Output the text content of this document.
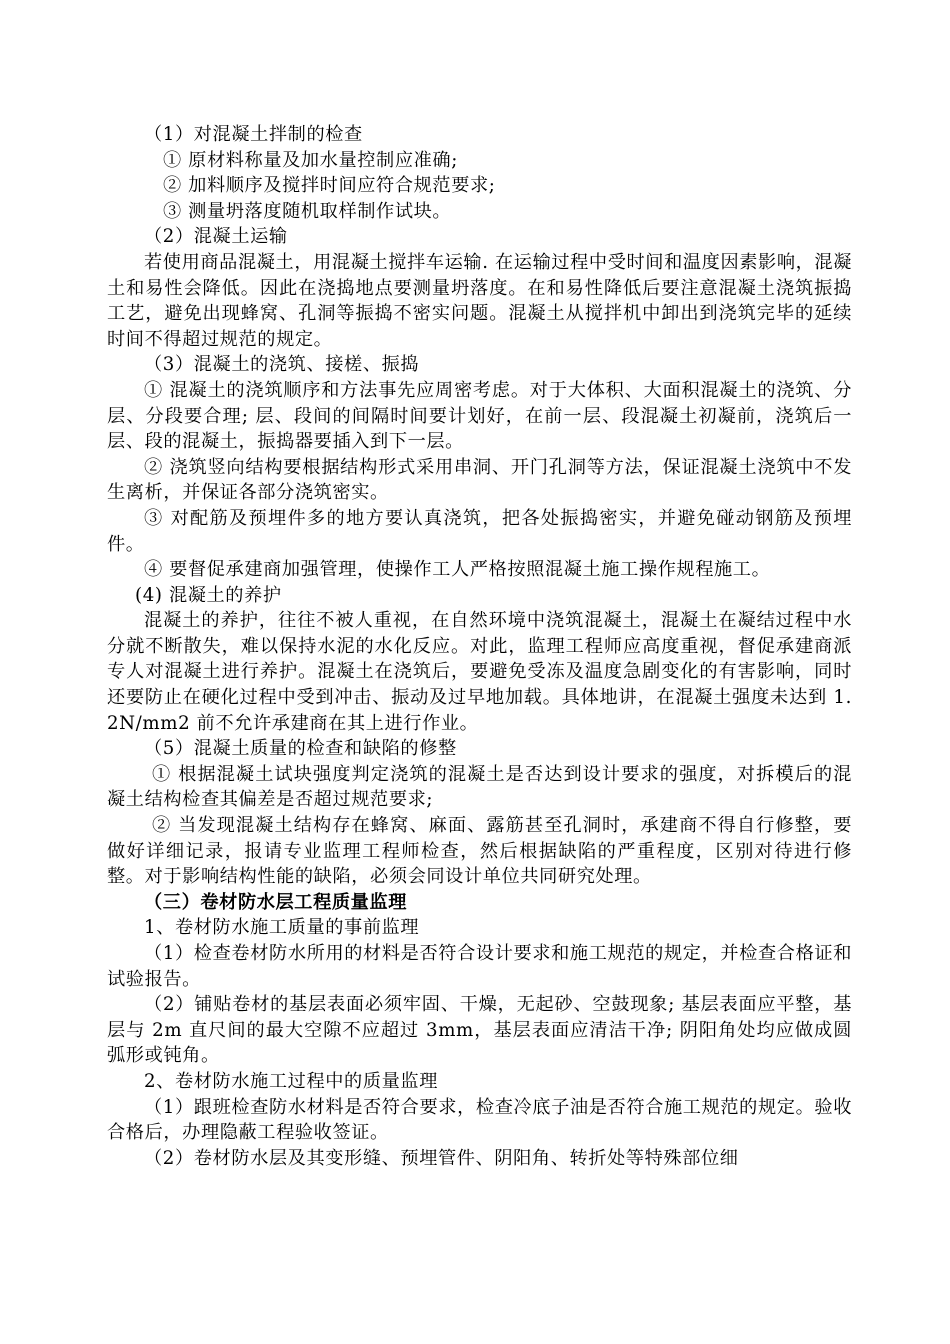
（1）对混凝土拌制的检查

① 原材料称量及加水量控制应准确;

② 加料顺序及搅拌时间应符合规范要求;

③ 测量坍落度随机取样制作试块。

（2）混凝土运输

若使用商品混凝土，用混凝土搅拌车运输. 在运输过程中受时间和温度因素影响，混凝土和易性会降低。因此在浇捣地点要测量坍落度。在和易性降低后要注意混凝土浇筑振捣工艺，避免出现蜂窝、孔洞等振捣不密实问题。混凝土从搅拌机中卸出到浇筑完毕的延续时间不得超过规范的规定。

（3）混凝土的浇筑、接槎、振捣

① 混凝土的浇筑顺序和方法事先应周密考虑。对于大体积、大面积混凝土的浇筑、分层、分段要合理; 层、段间的间隔时间要计划好，在前一层、段混凝土初凝前，浇筑后一层、段的混凝土，振捣器要插入到下一层。

② 浇筑竖向结构要根据结构形式采用串洞、开门孔洞等方法，保证混凝土浇筑中不发生离析，并保证各部分浇筑密实。

③ 对配筋及预埋件多的地方要认真浇筑，把各处振捣密实，并避免碰动钢筋及预埋件。

④ 要督促承建商加强管理，使操作工人严格按照混凝土施工操作规程施工。

(4) 混凝土的养护

混凝土的养护，往往不被人重视，在自然环境中浇筑混凝土，混凝土在凝结过程中水分就不断散失，难以保持水泥的水化反应。对此，监理工程师应高度重视，督促承建商派专人对混凝土进行养护。混凝土在浇筑后，要避免受冻及温度急剧变化的有害影响，同时还要防止在硬化过程中受到冲击、振动及过早地加载。具体地讲，在混凝土强度未达到 1.2N/mm2 前不允许承建商在其上进行作业。

（5）混凝土质量的检查和缺陷的修整

① 根据混凝土试块强度判定浇筑的混凝土是否达到设计要求的强度，对拆模后的混凝土结构检查其偏差是否超过规范要求;

② 当发现混凝土结构存在蜂窝、麻面、露筋甚至孔洞时，承建商不得自行修整，要做好详细记录，报请专业监理工程师检查，然后根据缺陷的严重程度，区别对待进行修整。对于影响结构性能的缺陷，必须会同设计单位共同研究处理。

（三）卷材防水层工程质量监理

1、卷材防水施工质量的事前监理

（1）检查卷材防水所用的材料是否符合设计要求和施工规范的规定，并检查合格证和试验报告。

（2）铺贴卷材的基层表面必须牢固、干燥，无起砂、空鼓现象; 基层表面应平整，基层与 2m 直尺间的最大空隙不应超过 3mm，基层表面应清洁干净; 阴阳角处均应做成圆弧形或钝角。

2、卷材防水施工过程中的质量监理

（1）跟班检查防水材料是否符合要求，检查冷底子油是否符合施工规范的规定。验收合格后，办理隐蔽工程验收签证。

（2）卷材防水层及其变形缝、预埋管件、阴阳角、转折处等特殊部位细
